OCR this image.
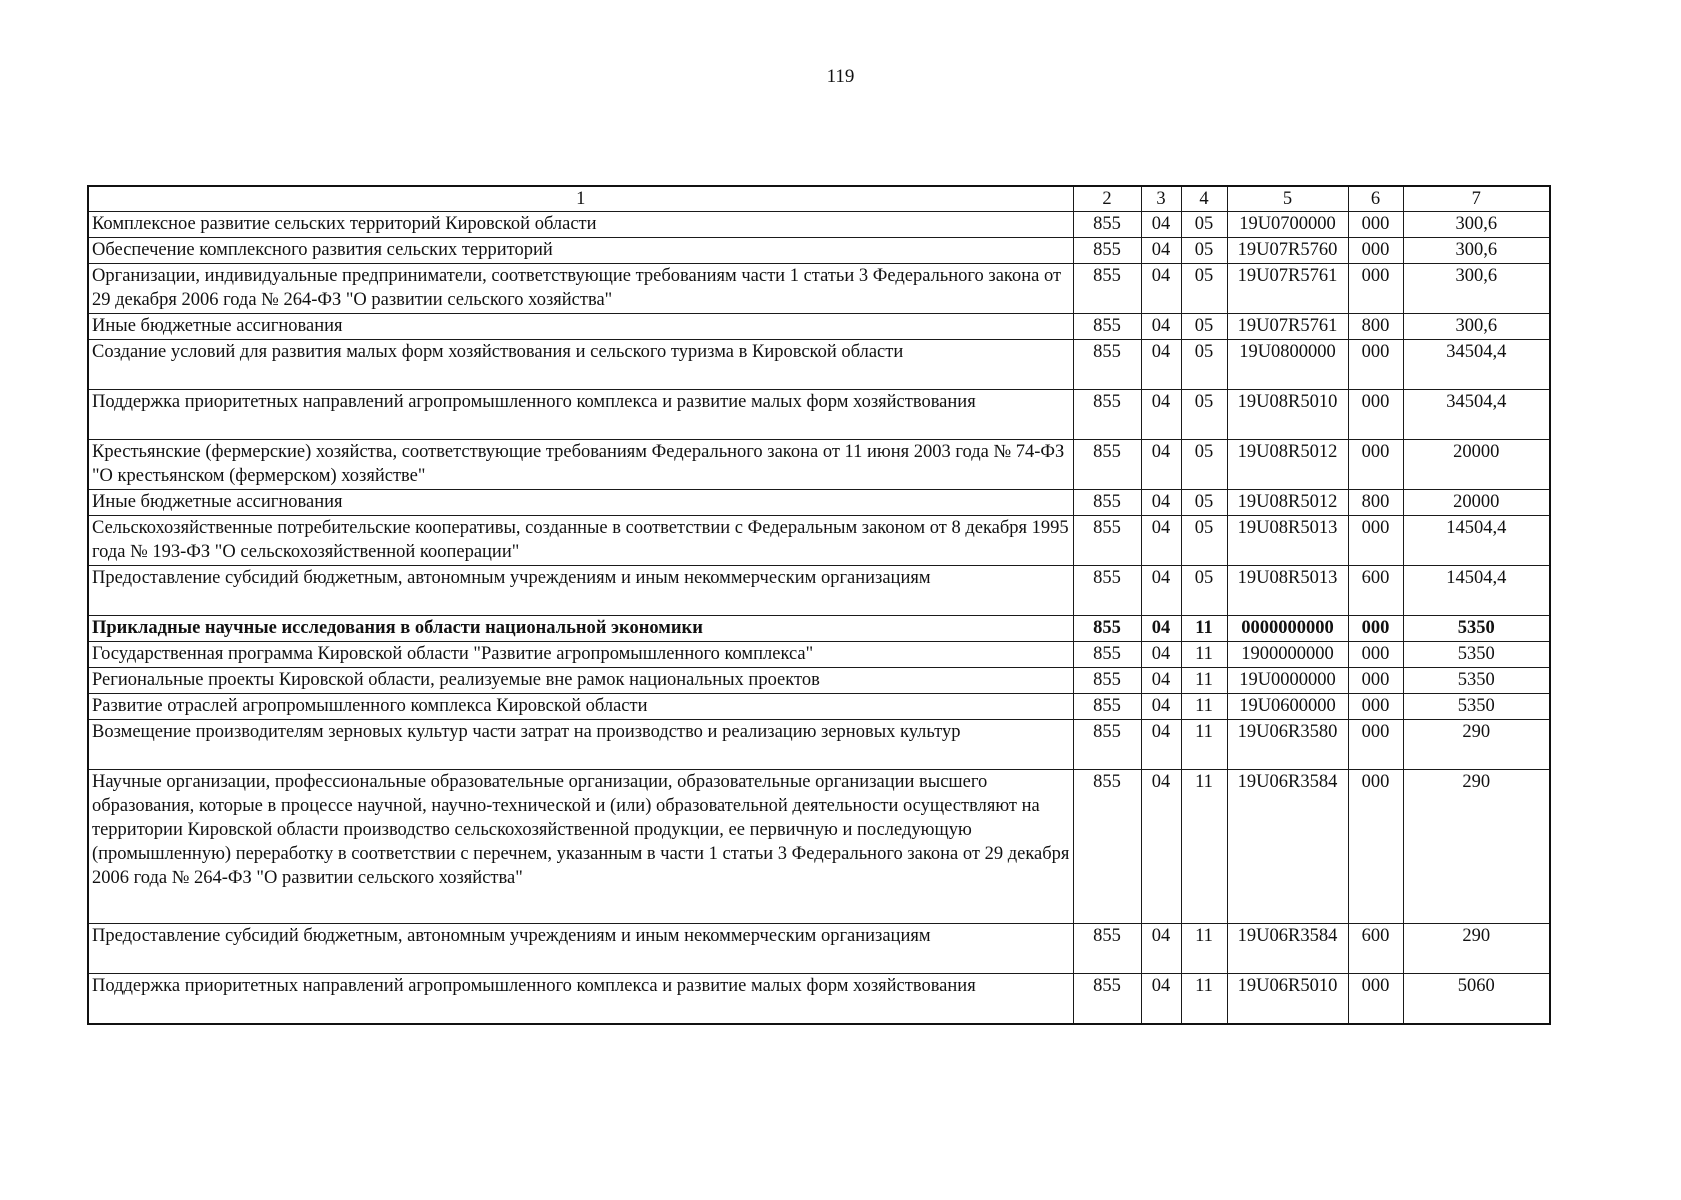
119
1	2	3	4	5	6	7
Комплексное развитие сельских территорий Кировской области	855	04	05	19U0700000	000	300,6
Обеспечение комплексного развития сельских территорий	855	04	05	19U07R5760	000	300,6
Организации, индивидуальные предприниматели, соответствующие требованиям части 1 статьи 3 Федерального закона от 29 декабря 2006 года № 264-ФЗ "О развитии сельского хозяйства"	855	04	05	19U07R5761	000	300,6
Иные бюджетные ассигнования	855	04	05	19U07R5761	800	300,6
Создание условий для развития малых форм хозяйствования и сельского туризма в Кировской области	855	04	05	19U0800000	000	34504,4
Поддержка приоритетных направлений агропромышленного комплекса и развитие малых форм хозяйствования	855	04	05	19U08R5010	000	34504,4
Крестьянские (фермерские) хозяйства, соответствующие требованиям Федерального закона от 11 июня 2003 года № 74-ФЗ "О крестьянском (фермерском) хозяйстве"	855	04	05	19U08R5012	000	20000
Иные бюджетные ассигнования	855	04	05	19U08R5012	800	20000
Сельскохозяйственные потребительские кооперативы, созданные в соответствии с Федеральным законом от 8 декабря 1995 года № 193-ФЗ "О сельскохозяйственной кооперации"	855	04	05	19U08R5013	000	14504,4
Предоставление субсидий бюджетным, автономным учреждениям и иным некоммерческим организациям	855	04	05	19U08R5013	600	14504,4
Прикладные научные исследования в области национальной экономики	855	04	11	0000000000	000	5350
Государственная программа Кировской области "Развитие агропромышленного комплекса"	855	04	11	1900000000	000	5350
Региональные проекты Кировской области, реализуемые вне рамок национальных проектов	855	04	11	19U0000000	000	5350
Развитие отраслей агропромышленного комплекса Кировской области	855	04	11	19U0600000	000	5350
Возмещение производителям зерновых культур части затрат на производство и реализацию зерновых культур	855	04	11	19U06R3580	000	290
Научные организации, профессиональные образовательные организации, образовательные организации высшего образования, которые в процессе научной, научно-технической и (или) образовательной деятельности осуществляют на территории Кировской области производство сельскохозяйственной продукции, ее первичную и последующую (промышленную) переработку в соответствии с перечнем, указанным в части 1 статьи 3 Федерального закона от 29 декабря 2006 года № 264-ФЗ "О развитии сельского хозяйства"	855	04	11	19U06R3584	000	290
Предоставление субсидий бюджетным, автономным учреждениям и иным некоммерческим организациям	855	04	11	19U06R3584	600	290
Поддержка приоритетных направлений агропромышленного комплекса и развитие малых форм хозяйствования	855	04	11	19U06R5010	000	5060
